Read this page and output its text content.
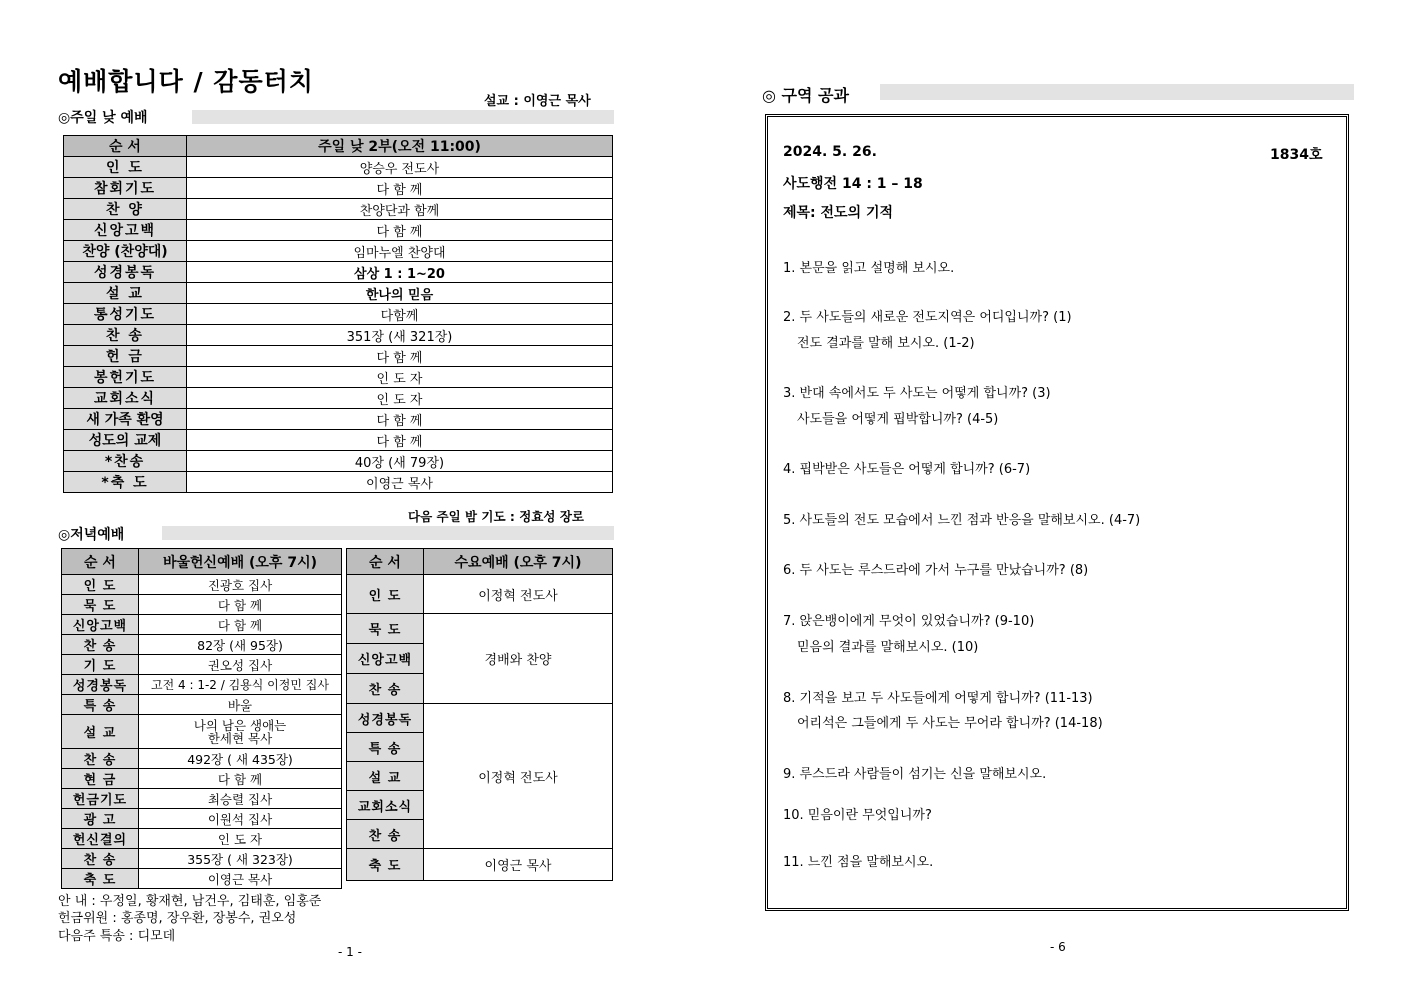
예배합니다 / 감동터치
설교 : 이영근 목사
◎주일 낮 예배
순 서	주일 낮 2부(오전 11:00)
인 도	양승우 전도사
참회기도	다 함 께
찬 양	찬양단과 함께
신앙고백	다 함 께
찬양 (찬양대)	임마누엘 찬양대
성경봉독	삼상 1 : 1~20
설 교	한나의 믿음
통성기도	다함께
찬 송	351장 (새 321장)
헌 금	다 함 께
봉헌기도	인 도 자
교회소식	인 도 자
새 가족 환영	다 함 께
성도의 교제	다 함 께
*찬송	40장 (새 79장)
*축 도	이영근 목사
다음 주일 밤 기도 : 정효성 장로
◎저녁예배
순 서	바울헌신예배 (오후 7시)
인 도	진광호 집사
묵 도	다 함 께
신앙고백	다 함 께
찬 송	82장 (새 95장)
기 도	권오성 집사
성경봉독	고전 4 : 1-2 / 김용식 이정민 집사
특 송	바울
설 교	나의 남은 생애는
한세현 목사

찬 송	492장 ( 새 435장)
현 금	다 함 께
헌금기도	최승렬 집사
광 고	이원석 집사
헌신결의	인 도 자
찬 송	355장 ( 새 323장)
축 도	이영근 목사
순 서	수요예배 (오후 7시)
인 도	이정혁 전도사
묵 도	경배와 찬양
신앙고백	
찬 송	
성경봉독	이정혁 전도사
특 송	
설 교	
교회소식	
찬 송	
축 도	이영근 목사
안 내 : 우정일, 황재현, 남건우, 김태훈, 임홍준
헌금위원 : 홍종명, 장우환, 장봉수, 권오성
다음주 특송 : 디모데
- 1 -
◎ 구역 공과
2024. 5. 26.	1834호
사도행전 14 : 1 – 18
제목: 전도의 기적
1. 본문을 읽고 설명해 보시오.
2. 두 사도들의 새로운 전도지역은 어디입니까? (1)
전도 결과를 말해 보시오. (1-2)
3. 반대 속에서도 두 사도는 어떻게 합니까? (3)
사도들을 어떻게 핍박합니까? (4-5)
4. 핍박받은 사도들은 어떻게 합니까? (6-7)
5. 사도들의 전도 모습에서 느낀 점과 반응을 말해보시오. (4-7)
6. 두 사도는 루스드라에 가서 누구를 만났습니까? (8)
7. 앉은뱅이에게 무엇이 있었습니까? (9-10)
믿음의 결과를 말해보시오. (10)
8. 기적을 보고 두 사도들에게 어떻게 합니까? (11-13)
어리석은 그들에게 두 사도는 무어라 합니까? (14-18)
9. 루스드라 사람들이 섬기는 신을 말해보시오.
10. 믿음이란 무엇입니까?
11. 느낀 점을 말해보시오.
- 6
